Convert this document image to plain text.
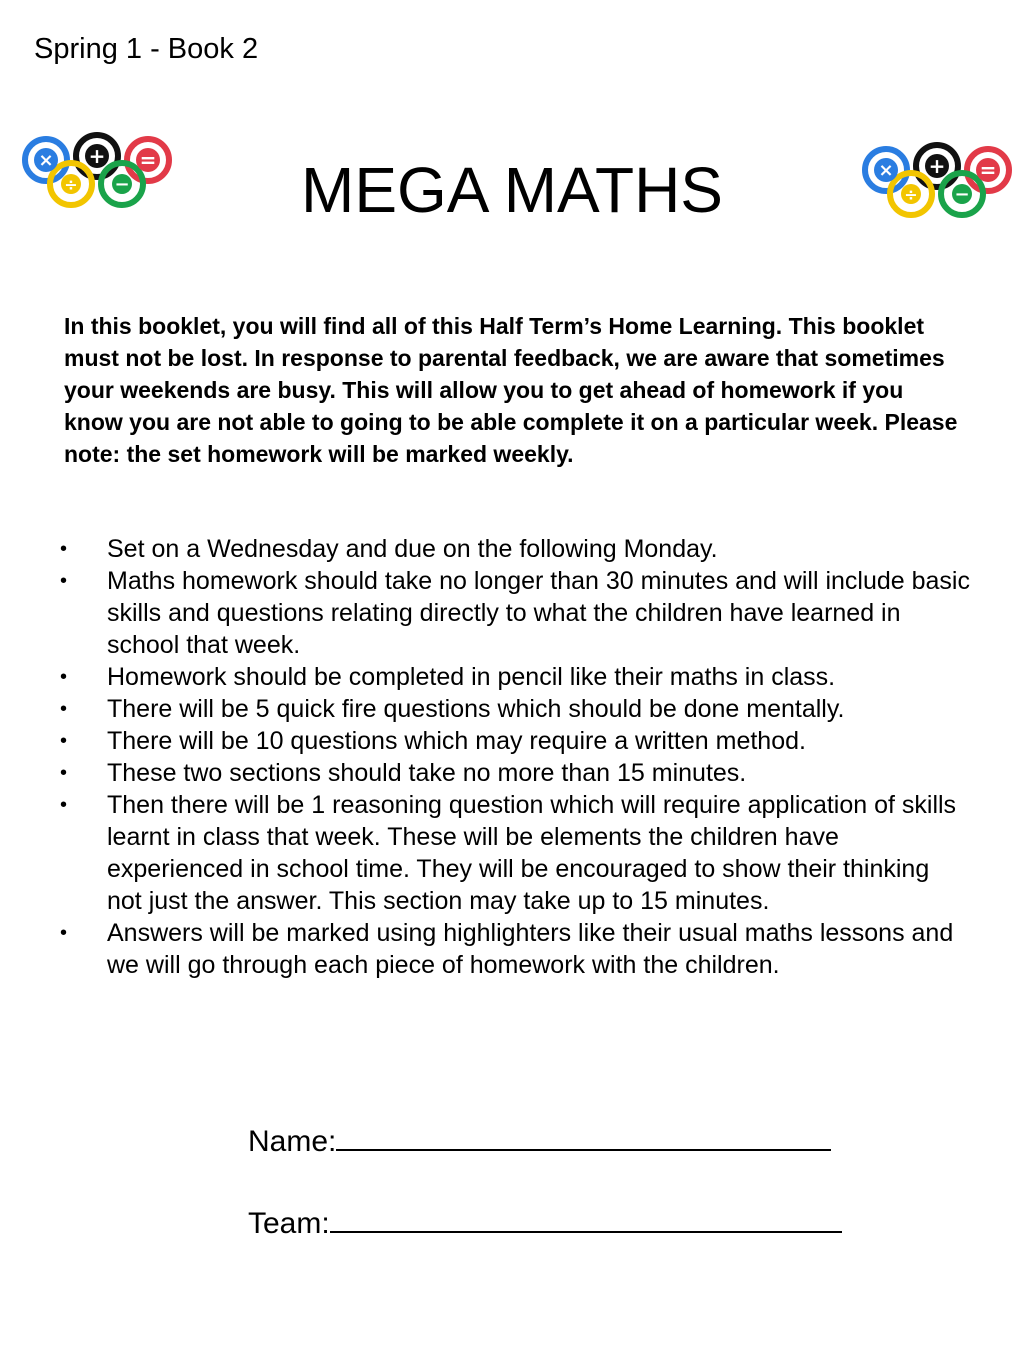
Spring 1 - Book 2
× + =
÷ −	MEGA MATHS	× + =
÷ −
In this booklet, you will find all of this Half Term’s Home Learning. This booklet must not be lost. In response to parental feedback, we are aware that sometimes your weekends are busy. This will allow you to get ahead of homework if you know you are not able to going to be able complete it on a particular week. Please note: the set homework will be marked weekly.
•	Set on a Wednesday and due on the following Monday.
•	Maths homework should take no longer than 30 minutes and will include basic skills and questions relating directly to what the children have learned in school that week.
•	Homework should be completed in pencil like their maths in class.
•	There will be 5 quick fire questions which should be done mentally.
•	There will be 10 questions which may require a written method.
•	These two sections should take no more than 15 minutes.
•	Then there will be 1 reasoning question which will require application of skills learnt in class that week. These will be elements the children have experienced in school time. They will be encouraged to show their thinking not just the answer. This section may take up to 15 minutes.
•	Answers will be marked using highlighters like their usual maths lessons and we will go through each piece of homework with the children.
Name:
Team:
